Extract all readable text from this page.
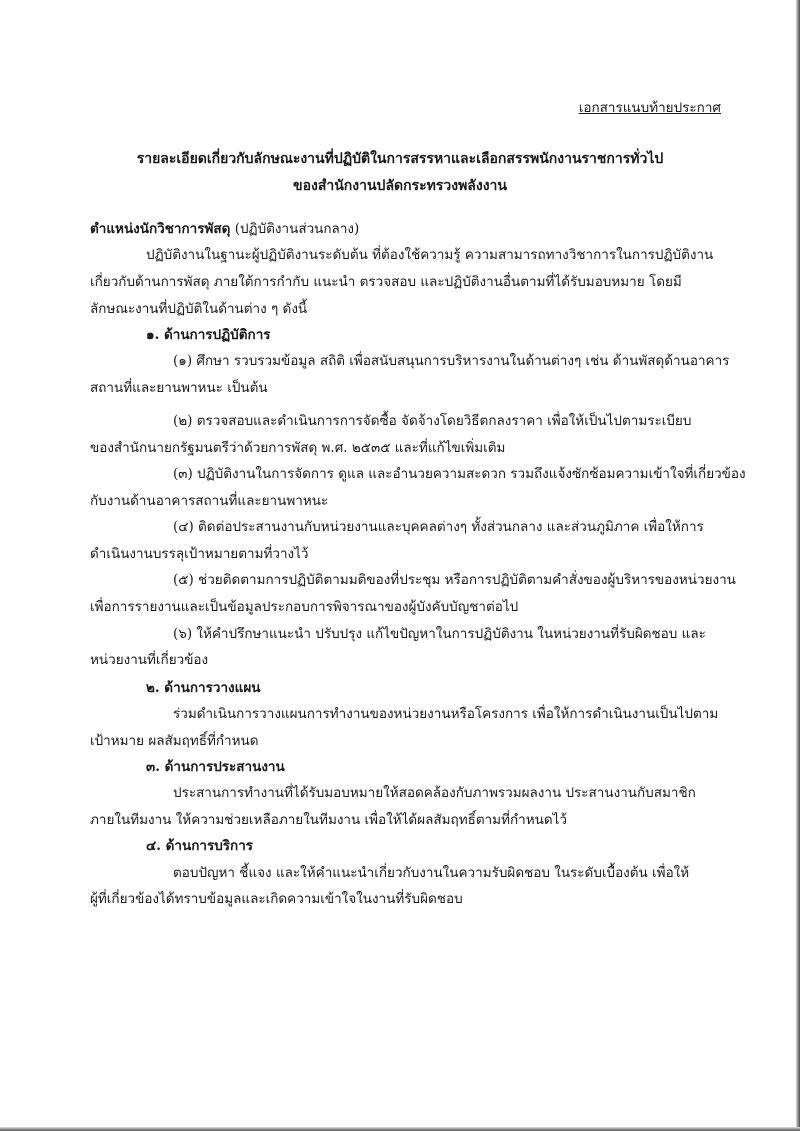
เอกสารแนบท้ายประกาศ
รายละเอียดเกี่ยวกับลักษณะงานที่ปฏิบัติในการสรรหาและเลือกสรรพนักงานราชการทั่วไป
ของสำนักงานปลัดกระทรวงพลังงาน
ตำแหน่งนักวิชาการพัสดุ (ปฏิบัติงานส่วนกลาง)
ปฏิบัติงานในฐานะผู้ปฏิบัติงานระดับต้น ที่ต้องใช้ความรู้ ความสามารถทางวิชาการในการปฏิบัติงาน
เกี่ยวกับด้านการพัสดุ ภายใต้การกำกับ แนะนำ ตรวจสอบ และปฏิบัติงานอื่นตามที่ได้รับมอบหมาย โดยมี
ลักษณะงานที่ปฏิบัติในด้านต่าง ๆ ดังนี้
๑. ด้านการปฏิบัติการ
(๑) ศึกษา รวบรวมข้อมูล สถิติ เพื่อสนับสนุนการบริหารงานในด้านต่างๆ เช่น ด้านพัสดุด้านอาคาร
สถานที่และยานพาหนะ เป็นต้น
(๒) ตรวจสอบและดำเนินการการจัดซื้อ จัดจ้างโดยวิธีตกลงราคา เพื่อให้เป็นไปตามระเบียบ
ของสำนักนายกรัฐมนตรีว่าด้วยการพัสดุ พ.ศ. ๒๕๓๕ และที่แก้ไขเพิ่มเติม
(๓) ปฏิบัติงานในการจัดการ ดูแล และอำนวยความสะดวก รวมถึงแจ้งซักซ้อมความเข้าใจที่เกี่ยวข้อง
กับงานด้านอาคารสถานที่และยานพาหนะ
(๔) ติดต่อประสานงานกับหน่วยงานและบุคคลต่างๆ ทั้งส่วนกลาง และส่วนภูมิภาค เพื่อให้การ
ดำเนินงานบรรลุเป้าหมายตามที่วางไว้
(๕) ช่วยติดตามการปฏิบัติตามมติของที่ประชุม หรือการปฏิบัติตามคำสั่งของผู้บริหารของหน่วยงาน
เพื่อการรายงานและเป็นข้อมูลประกอบการพิจารณาของผู้บังคับบัญชาต่อไป
(๖) ให้คำปรึกษาแนะนำ ปรับปรุง แก้ไขปัญหาในการปฏิบัติงาน ในหน่วยงานที่รับผิดชอบ และ
หน่วยงานที่เกี่ยวข้อง
๒. ด้านการวางแผน
ร่วมดำเนินการวางแผนการทำงานของหน่วยงานหรือโครงการ เพื่อให้การดำเนินงานเป็นไปตาม
เป้าหมาย ผลสัมฤทธิ์ที่กำหนด
๓. ด้านการประสานงาน
ประสานการทำงานที่ได้รับมอบหมายให้สอดคล้องกับภาพรวมผลงาน ประสานงานกับสมาชิก
ภายในทีมงาน ให้ความช่วยเหลือภายในทีมงาน เพื่อให้ได้ผลสัมฤทธิ์ตามที่กำหนดไว้
๔. ด้านการบริการ
ตอบปัญหา ชี้แจง และให้คำแนะนำเกี่ยวกับงานในความรับผิดชอบ ในระดับเบื้องต้น เพื่อให้
ผู้ที่เกี่ยวข้องได้ทราบข้อมูลและเกิดความเข้าใจในงานที่รับผิดชอบ
